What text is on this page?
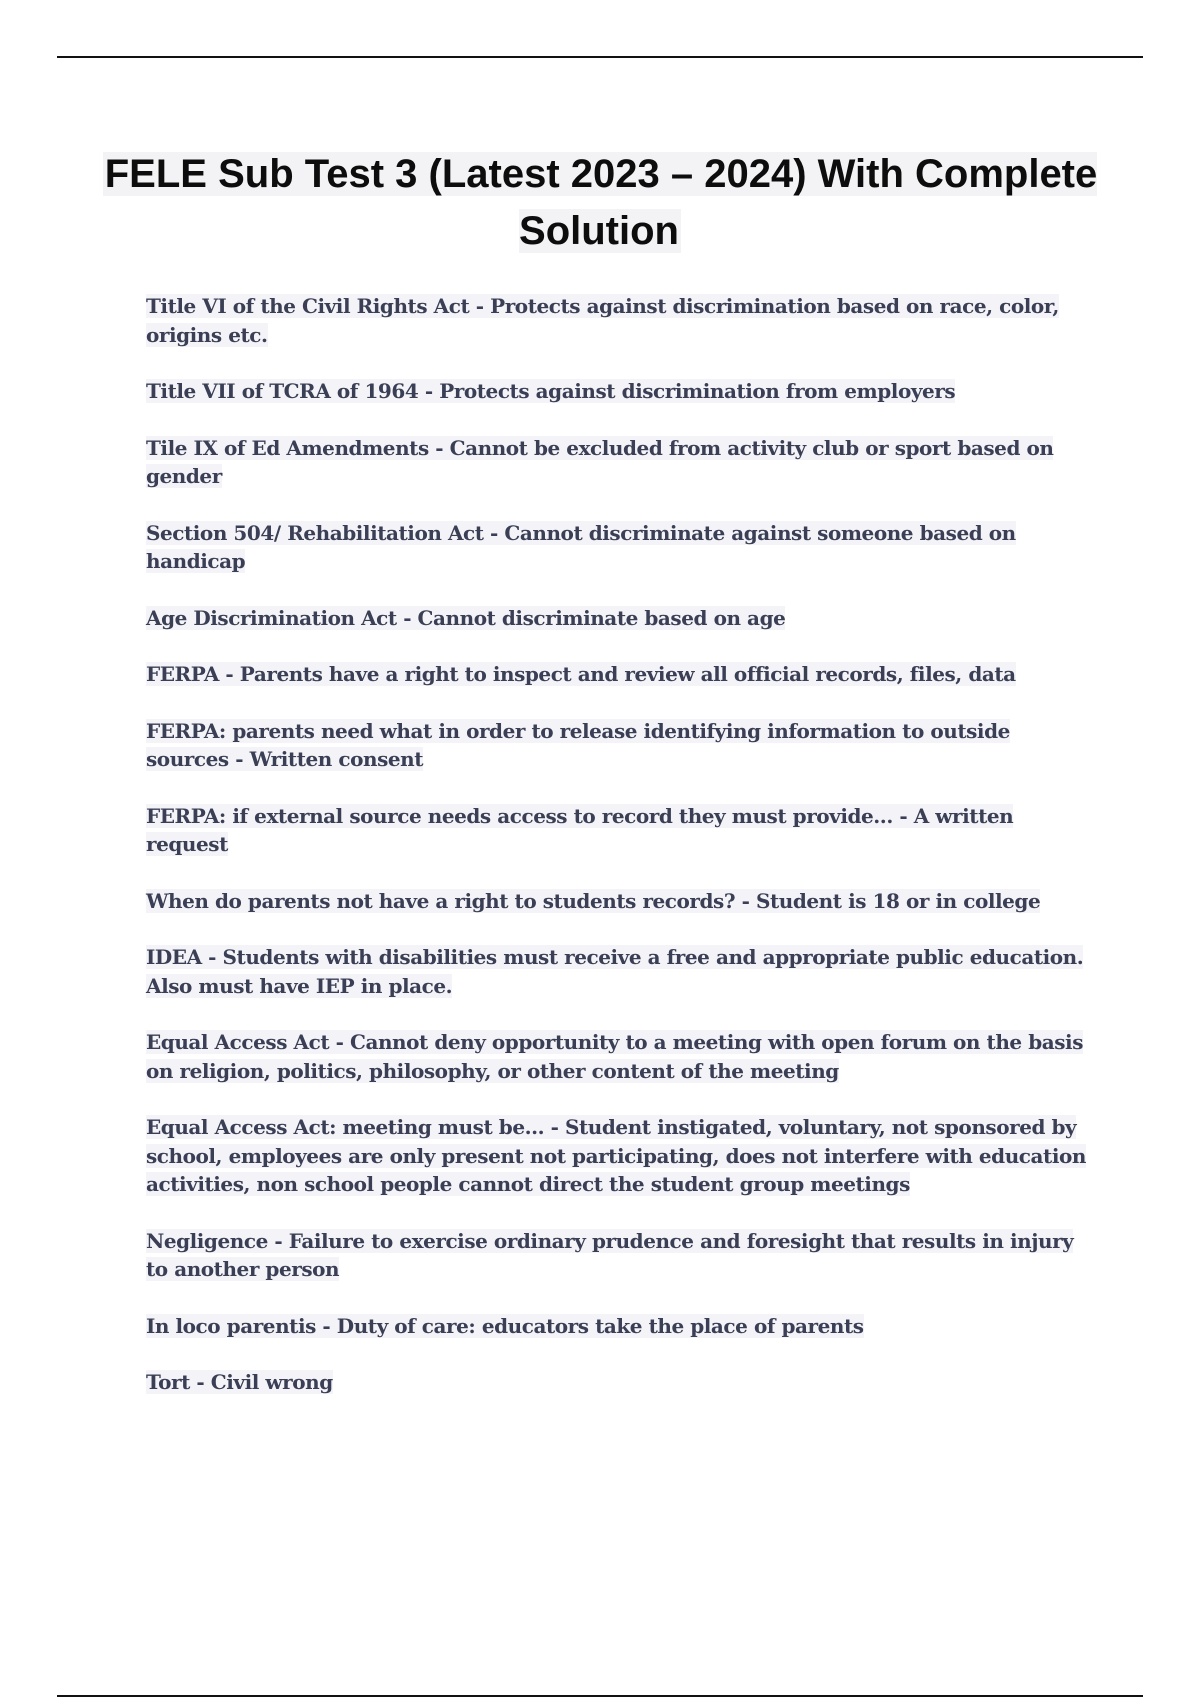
FELE Sub Test 3 (Latest 2023 – 2024) With Complete Solution
Title VI of the Civil Rights Act - Protects against discrimination based on race, color, origins etc.
Title VII of TCRA of 1964 - Protects against discrimination from employers
Tile IX of Ed Amendments - Cannot be excluded from activity club or sport based on gender
Section 504/ Rehabilitation Act - Cannot discriminate against someone based on handicap
Age Discrimination Act - Cannot discriminate based on age
FERPA - Parents have a right to inspect and review all official records, files, data
FERPA: parents need what in order to release identifying information to outside sources - Written consent
FERPA: if external source needs access to record they must provide... - A written request
When do parents not have a right to students records? - Student is 18 or in college
IDEA - Students with disabilities must receive a free and appropriate public education. Also must have IEP in place.
Equal Access Act - Cannot deny opportunity to a meeting with open forum on the basis on religion, politics, philosophy, or other content of the meeting
Equal Access Act: meeting must be... - Student instigated, voluntary, not sponsored by school, employees are only present not participating, does not interfere with education activities, non school people cannot direct the student group meetings
Negligence - Failure to exercise ordinary prudence and foresight that results in injury to another person
In loco parentis - Duty of care: educators take the place of parents
Tort - Civil wrong
